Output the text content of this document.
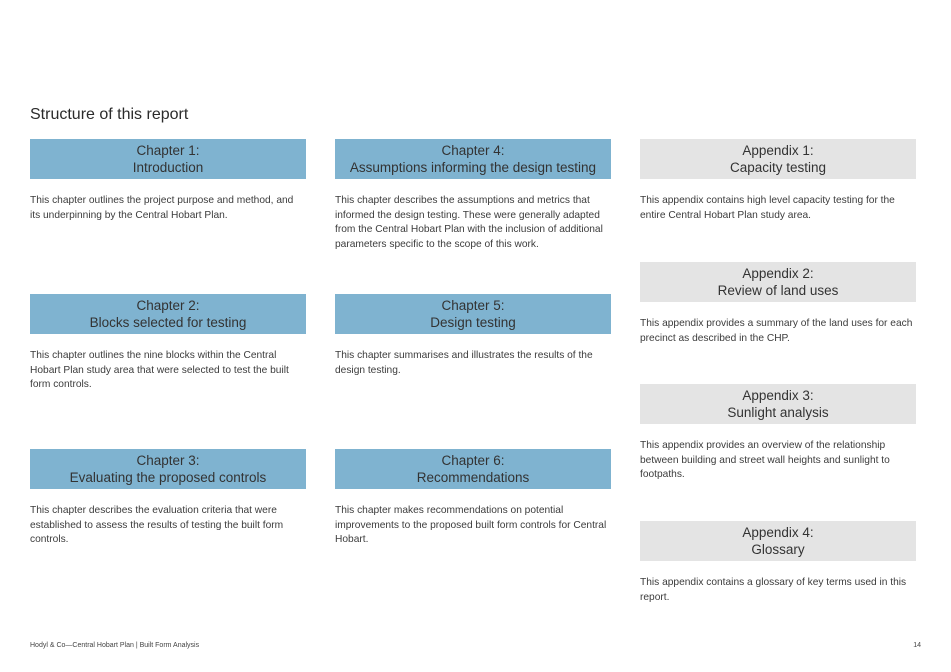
Structure of this report
Chapter 1:
Introduction
This chapter outlines the project purpose and method, and its underpinning by the Central Hobart Plan.
Chapter 2:
Blocks selected for testing
This chapter outlines the nine blocks within the Central Hobart Plan study area that were selected to test the built form controls.
Chapter 3:
Evaluating the proposed controls
This chapter describes the evaluation criteria that were established to assess the results of testing the built form controls.
Chapter 4:
Assumptions informing the design testing
This chapter describes the assumptions and metrics that informed the design testing. These were generally adapted from the Central Hobart Plan with the inclusion of additional parameters specific to the scope of this work.
Chapter 5:
Design testing
This chapter summarises and illustrates the results of the design testing.
Chapter 6:
Recommendations
This chapter makes recommendations on potential improvements to the proposed built form controls for Central Hobart.
Appendix 1:
Capacity testing
This appendix contains high level capacity testing for the entire Central Hobart Plan study area.
Appendix 2:
Review of land uses
This appendix provides a summary of the land uses for each precinct as described in the CHP.
Appendix 3:
Sunlight analysis
This appendix provides an overview of the relationship between building and street wall heights and sunlight to footpaths.
Appendix 4:
Glossary
This appendix contains a glossary of key terms used in this report.
Hodyl & Co—Central Hobart Plan | Built Form Analysis	14
